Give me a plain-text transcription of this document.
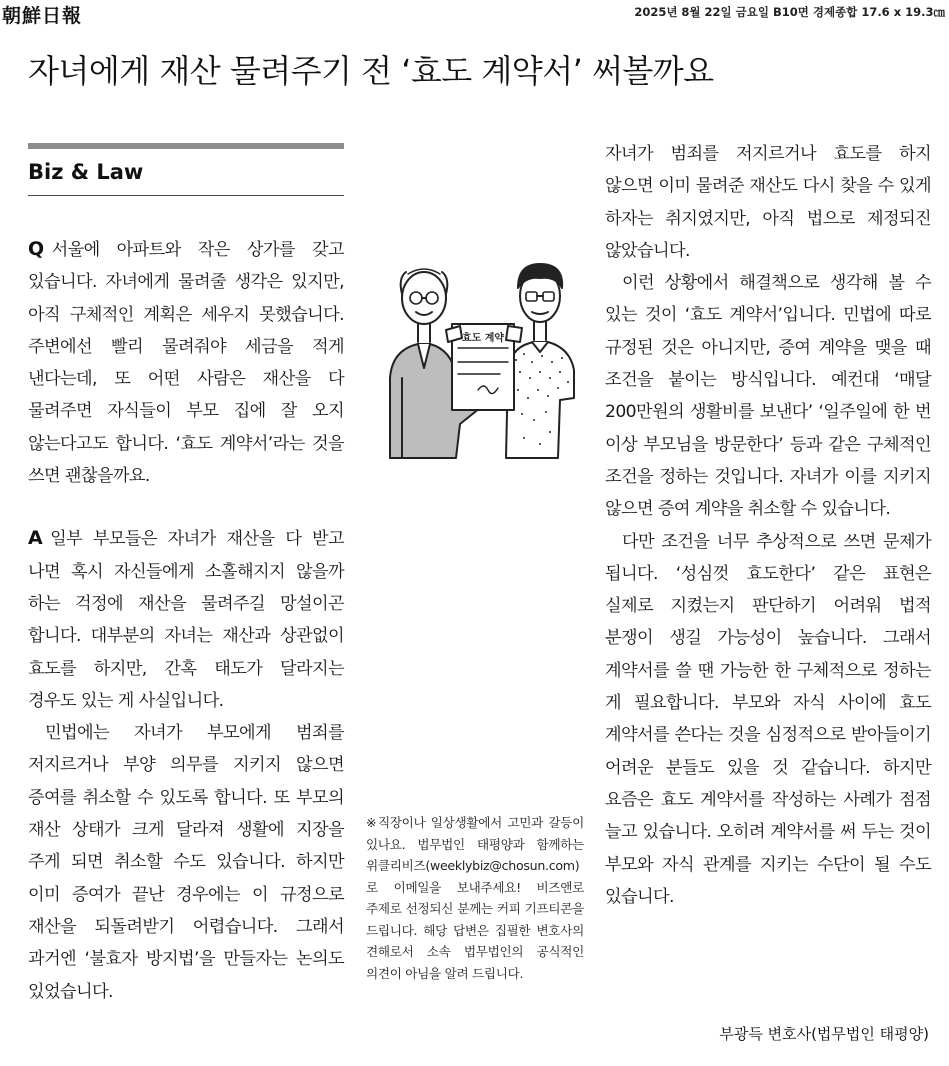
朝鮮日報	2025년 8월 22일 금요일 B10면 경제종합 17.6 x 19.3㎝
자녀에게 재산 물려주기 전 ‘효도 계약서’ 써볼까요
Biz & Law

Q 서울에 아파트와 작은 상가를 갖고 있습니다. 자녀에게 물려줄 생각은 있지만, 아직 구체적인 계획은 세우지 못했습니다. 주변에선 빨리 물려줘야 세금을 적게 낸다는데, 또 어떤 사람은 재산을 다 물려주면 자식들이 부모 집에 잘 오지 않는다고도 합니다. ‘효도 계약서’라는 것을 쓰면 괜찮을까요.

A 일부 부모들은 자녀가 재산을 다 받고 나면 혹시 자신들에게 소홀해지지 않을까 하는 걱정에 재산을 물려주길 망설이곤 합니다. 대부분의 자녀는 재산과 상관없이 효도를 하지만, 간혹 태도가 달라지는 경우도 있는 게 사실입니다.

민법에는 자녀가 부모에게 범죄를 저지르거나 부양 의무를 지키지 않으면 증여를 취소할 수 있도록 합니다. 또 부모의 재산 상태가 크게 달라져 생활에 지장을 주게 되면 취소할 수도 있습니다. 하지만 이미 증여가 끝난 경우에는 이 규정으로 재산을 되돌려받기 어렵습니다. 그래서 과거엔 ‘불효자 방지법’을 만들자는 논의도 있었습니다.

효도 계약
※직장이나 일상생활에서 고민과 갈등이 있나요. 법무법인 태평양과 함께하는 위클리비즈(weeklybiz@chosun.com)로 이메일을 보내주세요! 비즈앤로 주제로 선정되신 분께는 커피 기프티콘을 드립니다. 해당 답변은 집필한 변호사의 견해로서 소속 법무법인의 공식적인 의견이 아님을 알려 드립니다.

자녀가 범죄를 저지르거나 효도를 하지 않으면 이미 물려준 재산도 다시 찾을 수 있게 하자는 취지였지만, 아직 법으로 제정되진 않았습니다.

이런 상황에서 해결책으로 생각해 볼 수 있는 것이 ‘효도 계약서’입니다. 민법에 따로 규정된 것은 아니지만, 증여 계약을 맺을 때 조건을 붙이는 방식입니다. 예컨대 ‘매달 200만원의 생활비를 보낸다’ ‘일주일에 한 번 이상 부모님을 방문한다’ 등과 같은 구체적인 조건을 정하는 것입니다. 자녀가 이를 지키지 않으면 증여 계약을 취소할 수 있습니다.

다만 조건을 너무 추상적으로 쓰면 문제가 됩니다. ‘성심껏 효도한다’ 같은 표현은 실제로 지켰는지 판단하기 어려워 법적 분쟁이 생길 가능성이 높습니다. 그래서 계약서를 쓸 땐 가능한 한 구체적으로 정하는 게 필요합니다. 부모와 자식 사이에 효도 계약서를 쓴다는 것을 심정적으로 받아들이기 어려운 분들도 있을 것 같습니다. 하지만 요즘은 효도 계약서를 작성하는 사례가 점점 늘고 있습니다. 오히려 계약서를 써 두는 것이 부모와 자식 관계를 지키는 수단이 될 수도 있습니다.

부광득 변호사(법무법인 태평양)
